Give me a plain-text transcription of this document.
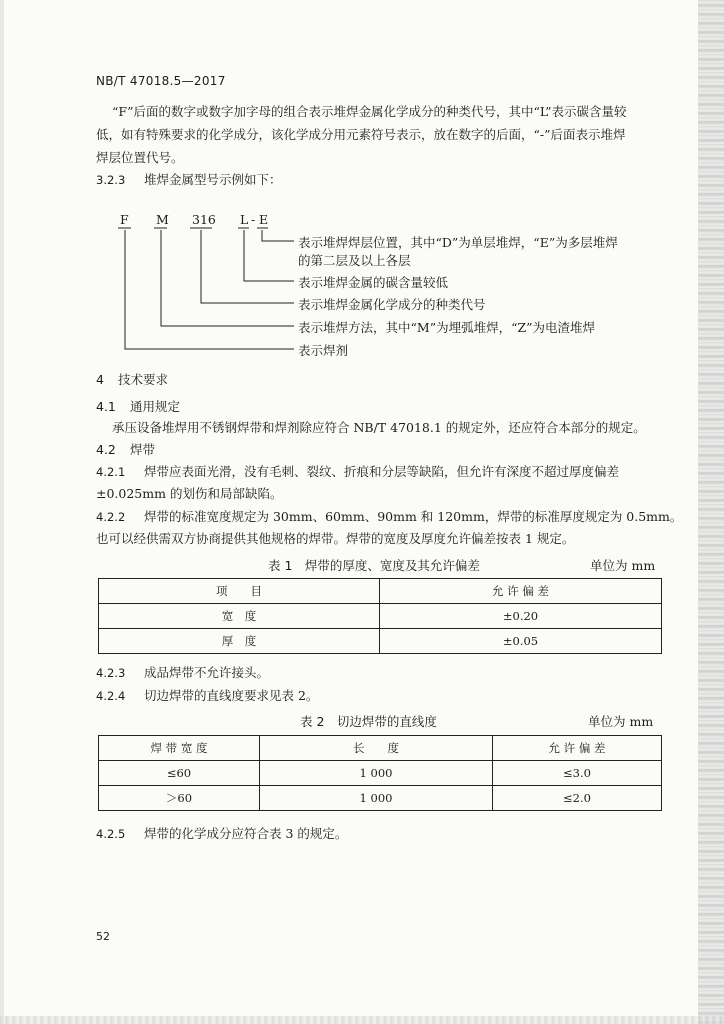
NB/T 47018.5—2017
“F”后面的数字或数字加字母的组合表示堆焊金属化学成分的种类代号，其中“L”表示碳含量较
低，如有特殊要求的化学成分，该化学成分用元素符号表示，放在数字的后面，“-”后面表示堆焊
焊层位置代号。
3.2.3 堆焊金属型号示例如下：
F M 316 L - E
表示堆焊焊层位置，其中“D”为单层堆焊，“E”为多层堆焊
的第二层及以上各层
表示堆焊金属的碳含量较低
表示堆焊金属化学成分的种类代号
表示堆焊方法，其中“M”为埋弧堆焊，“Z”为电渣堆焊
表示焊剂
4 技术要求
4.1 通用规定
承压设备堆焊用不锈钢焊带和焊剂除应符合 NB/T 47018.1 的规定外，还应符合本部分的规定。
4.2 焊带
4.2.1 焊带应表面光滑，没有毛刺、裂纹、折痕和分层等缺陷，但允许有深度不超过厚度偏差
±0.025mm 的划伤和局部缺陷。
4.2.2 焊带的标准宽度规定为 30mm、60mm、90mm 和 120mm，焊带的标准厚度规定为 0.5mm。
也可以经供需双方协商提供其他规格的焊带。焊带的宽度及厚度允许偏差按表 1 规定。
表 1　焊带的厚度、宽度及其允许偏差	单位为 mm
项　　目	允 许 偏 差
宽　度	±0.20
厚　度	±0.05
4.2.3 成品焊带不允许接头。
4.2.4 切边焊带的直线度要求见表 2。
表 2　切边焊带的直线度	单位为 mm
焊 带 宽 度	长　　度	允 许 偏 差
≤60	1 000	≤3.0
＞60	1 000	≤2.0
4.2.5 焊带的化学成分应符合表 3 的规定。
52
